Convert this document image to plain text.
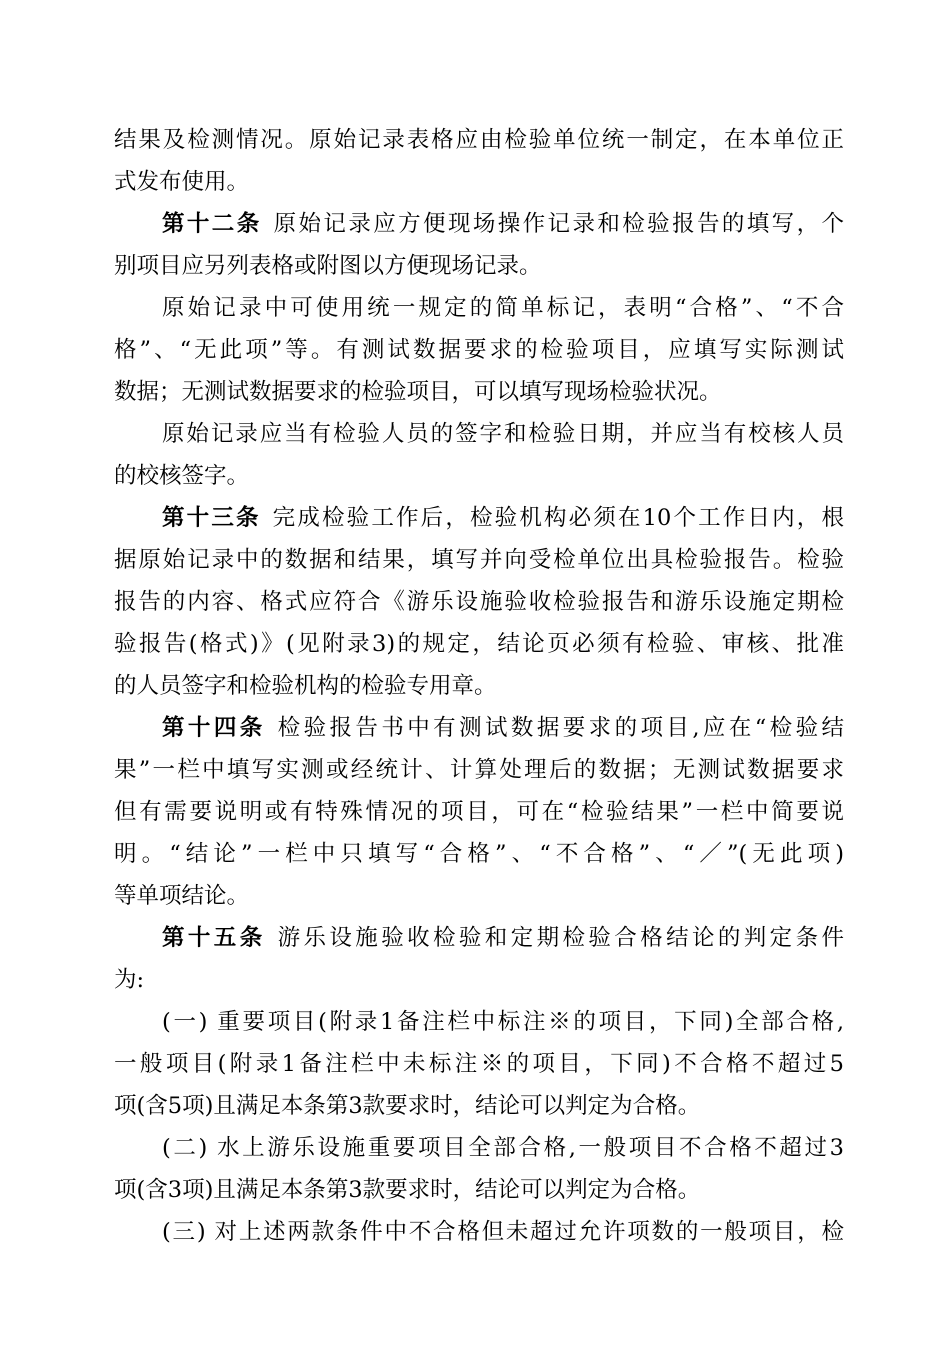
结果及检测情况。原始记录表格应由检验单位统一制定，在本单位正
式发布使用。
第十二条 原始记录应方便现场操作记录和检验报告的填写，个
别项目应另列表格或附图以方便现场记录。
原始记录中可使用统一规定的简单标记，表明“合格”、“不合
格”、“无此项”等。有测试数据要求的检验项目，应填写实际测试
数据；无测试数据要求的检验项目，可以填写现场检验状况。
原始记录应当有检验人员的签字和检验日期，并应当有校核人员
的校核签字。
第十三条 完成检验工作后，检验机构必须在10个工作日内，根
据原始记录中的数据和结果，填写并向受检单位出具检验报告。检验
报告的内容、格式应符合《游乐设施验收检验报告和游乐设施定期检
验报告(格式)》(见附录3)的规定，结论页必须有检验、审核、批准
的人员签字和检验机构的检验专用章。
第十四条 检验报告书中有测试数据要求的项目,应在“检验结
果”一栏中填写实测或经统计、计算处理后的数据；无测试数据要求
但有需要说明或有特殊情况的项目，可在“检验结果”一栏中简要说
明。“结论”一栏中只填写“合格”、“不合格”、“／”(无此项)
等单项结论。
第十五条 游乐设施验收检验和定期检验合格结论的判定条件
为:
(一) 重要项目(附录1备注栏中标注※的项目，下同)全部合格,
一般项目(附录1备注栏中未标注※的项目，下同)不合格不超过5
项(含5项)且满足本条第3款要求时，结论可以判定为合格。
(二) 水上游乐设施重要项目全部合格,一般项目不合格不超过3
项(含3项)且满足本条第3款要求时，结论可以判定为合格。
(三) 对上述两款条件中不合格但未超过允许项数的一般项目，检
